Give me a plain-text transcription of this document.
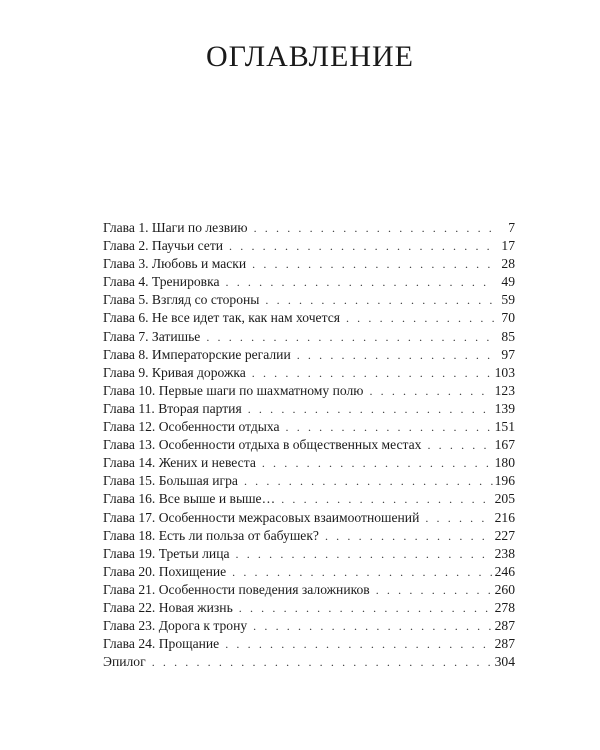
ОГЛАВЛЕНИЕ
Глава 1. Шаги по лезвию . . .	7
Глава 2. Паучьи сети . . .	17
Глава 3. Любовь и маски . . .	28
Глава 4. Тренировка . . .	49
Глава 5. Взгляд со стороны . . .	59
Глава 6. Не все идет так, как нам хочется . . .	70
Глава 7. Затишье . . .	85
Глава 8. Императорские регалии . . .	97
Глава 9. Кривая дорожка . . .	103
Глава 10. Первые шаги по шахматному полю . . .	123
Глава 11. Вторая партия . . .	139
Глава 12. Особенности отдыха . . .	151
Глава 13. Особенности отдыха в общественных местах . . .	167
Глава 14. Жених и невеста . . .	180
Глава 15. Большая игра . . .	196
Глава 16. Все выше и выше… . . .	205
Глава 17. Особенности межрасовых взаимоотношений . . .	216
Глава 18. Есть ли польза от бабушек? . . .	227
Глава 19. Третьи лица . . .	238
Глава 20. Похищение . . .	246
Глава 21. Особенности поведения заложников . . .	260
Глава 22. Новая жизнь . . .	278
Глава 23. Дорога к трону . . .	287
Глава 24. Прощание . . .	287
Эпилог . . .	304
